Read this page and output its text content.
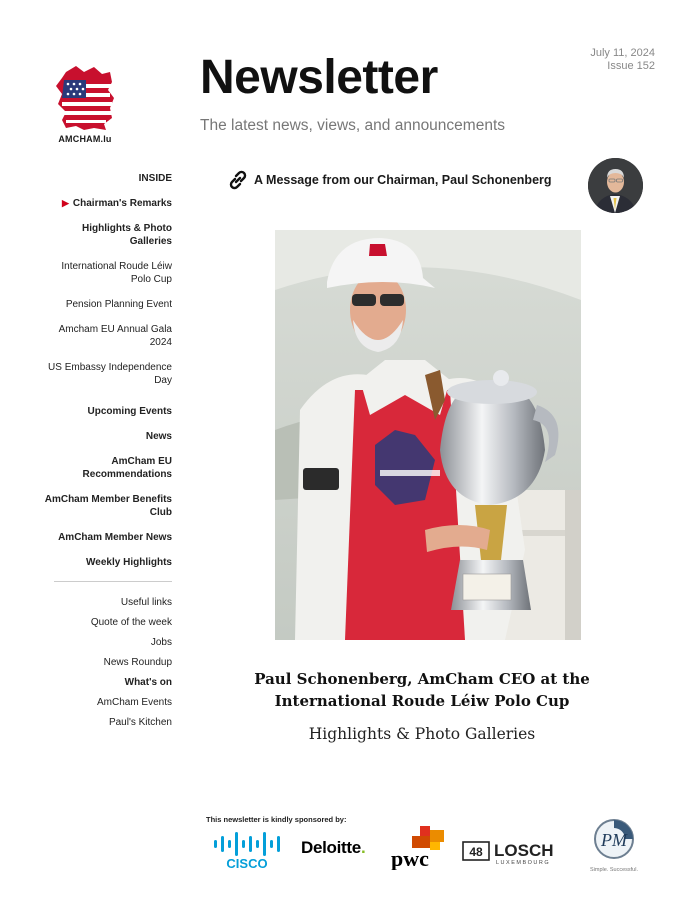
AMCHAM.lu
Newsletter
The latest news, views, and announcements
July 11, 2024
Issue 152
INSIDE
▶ Chairman's Remarks
Highlights & Photo Galleries
International Roude Léiw Polo Cup
Pension Planning Event
Amcham EU Annual Gala 2024
US Embassy Independence Day
Upcoming Events
News
AmCham EU Recommendations
AmCham Member Benefits Club
AmCham Member News
Weekly Highlights
Useful links
Quote of the week
Jobs
News Roundup
What's on
AmCham Events
Paul's Kitchen
A Message from our Chairman, Paul Schonenberg
Paul Schonenberg, AmCham CEO at the
International Roude Léiw Polo Cup
Highlights & Photo Galleries
This newsletter is kindly sponsored by:
CISCO
Deloitte. pwc	48 LOSCH
LUXEMBOURG
PM
Simple. Successful.
